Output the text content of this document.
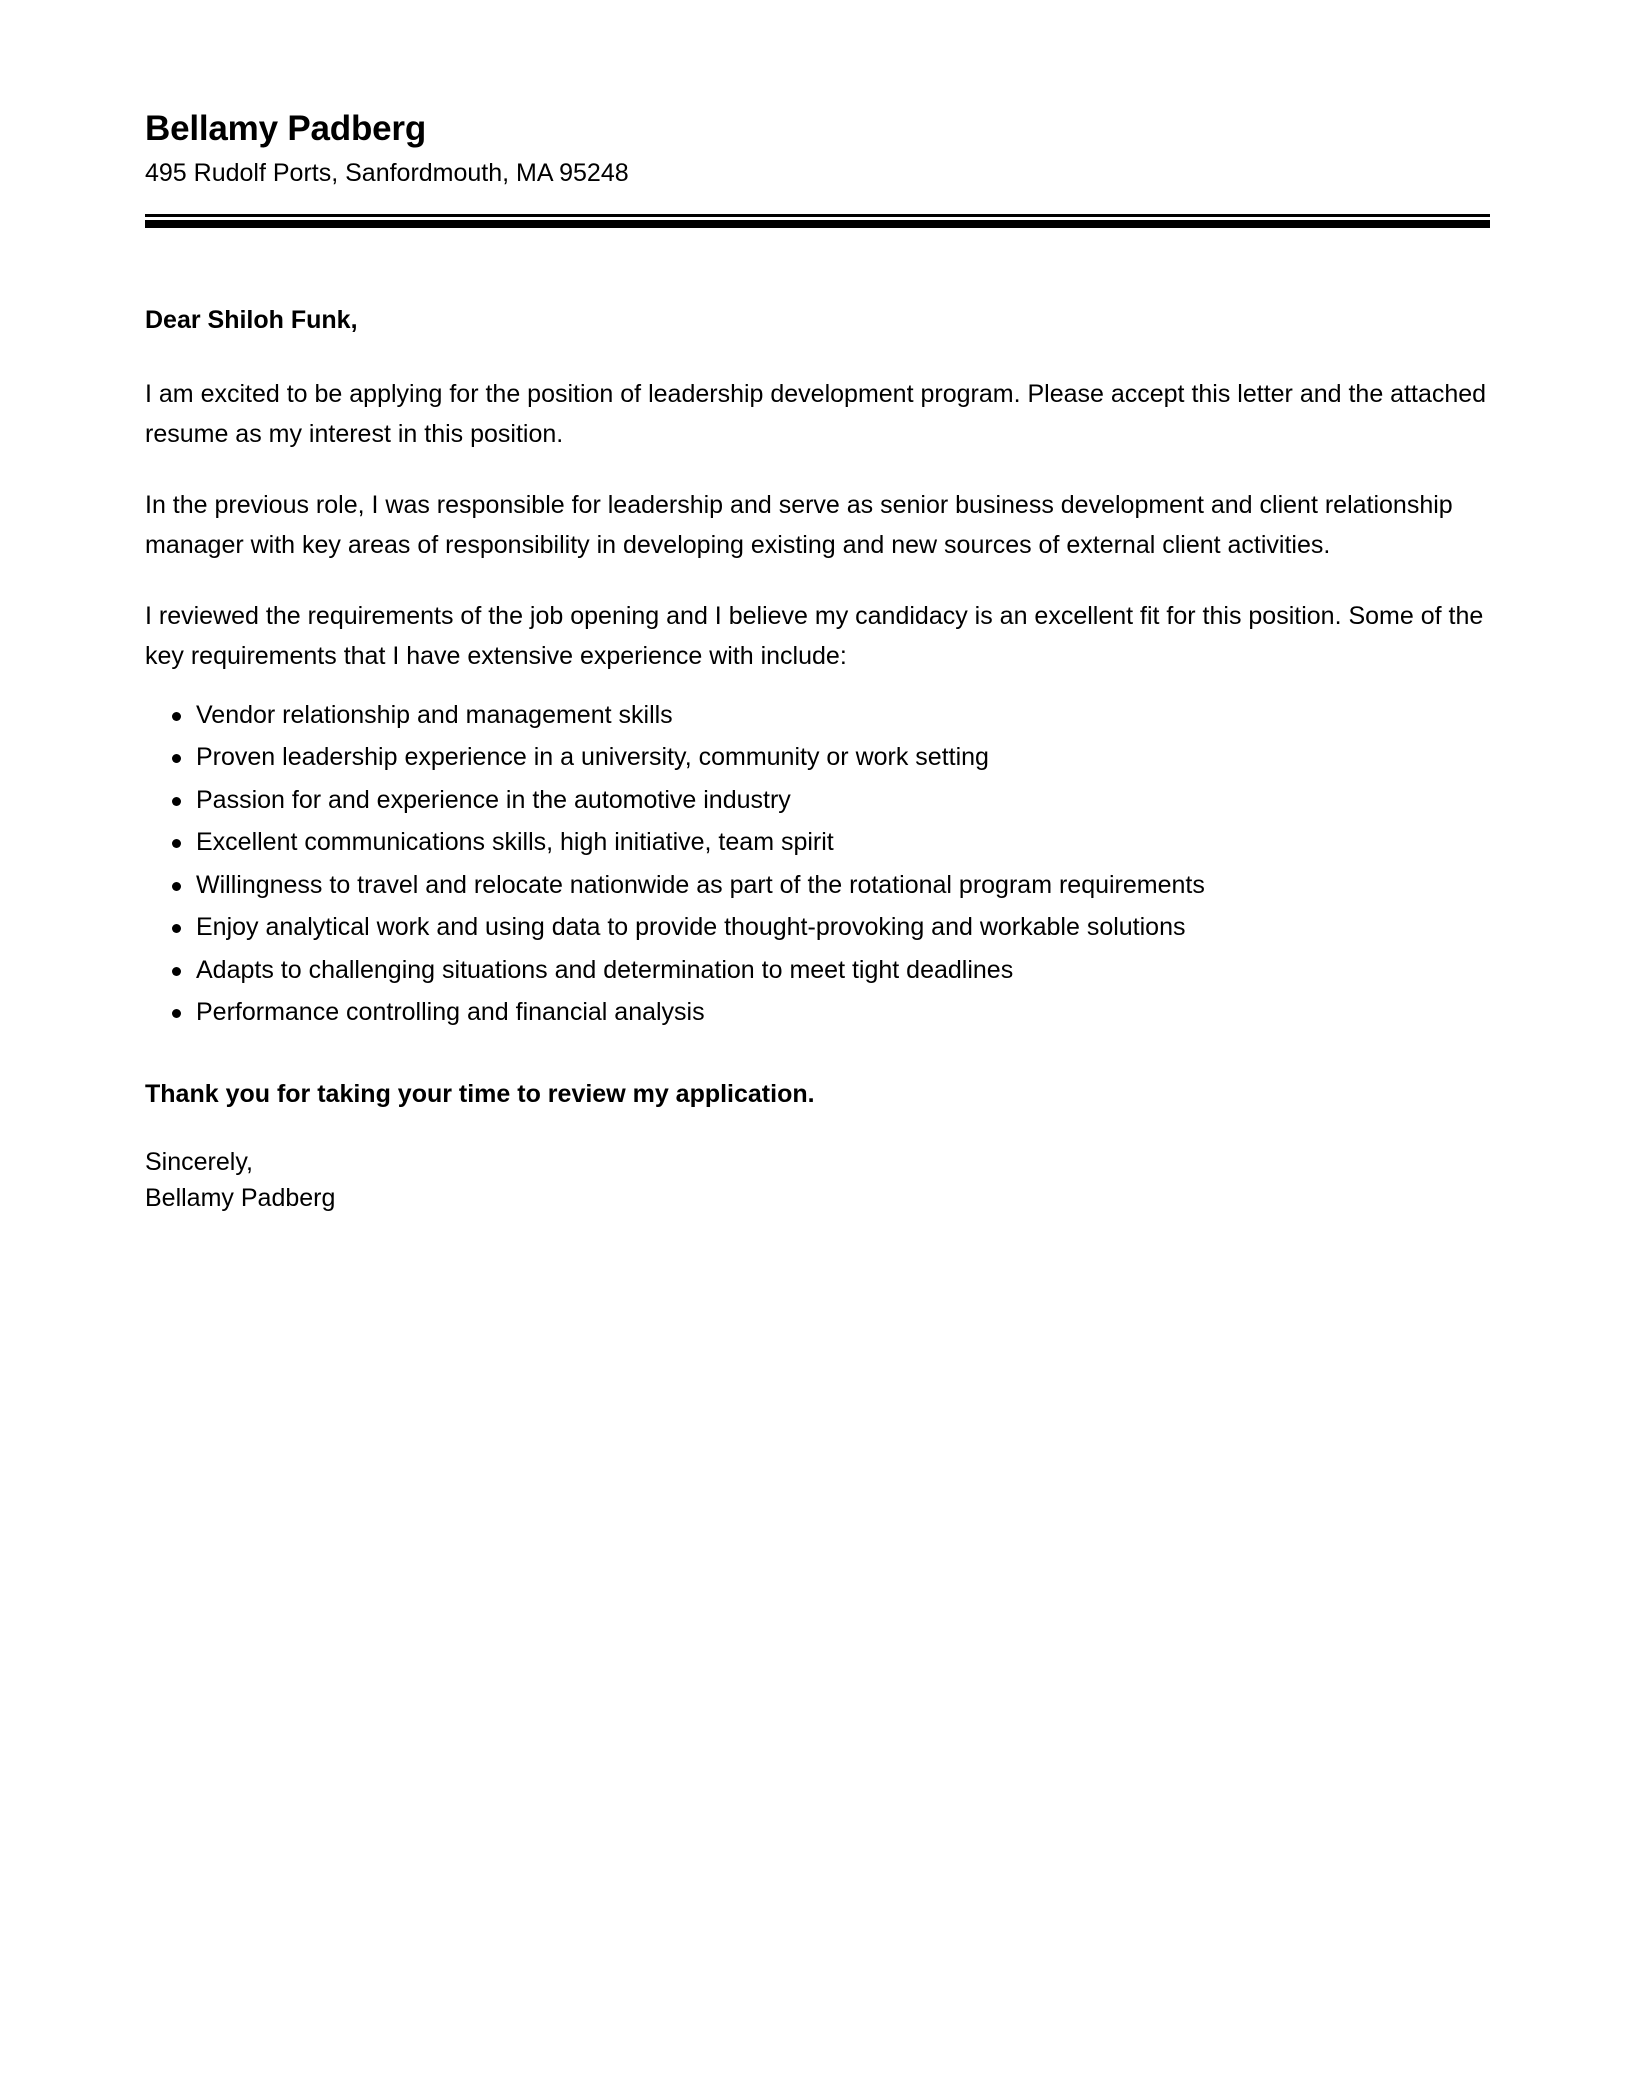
Bellamy Padberg

495 Rudolf Ports, Sanfordmouth, MA 95248

Dear Shiloh Funk,

I am excited to be applying for the position of leadership development program. Please accept this letter and the attached resume as my interest in this position.

In the previous role, I was responsible for leadership and serve as senior business development and client relationship manager with key areas of responsibility in developing existing and new sources of external client activities.

I reviewed the requirements of the job opening and I believe my candidacy is an excellent fit for this position. Some of the key requirements that I have extensive experience with include:

Vendor relationship and management skills
Proven leadership experience in a university, community or work setting
Passion for and experience in the automotive industry
Excellent communications skills, high initiative, team spirit
Willingness to travel and relocate nationwide as part of the rotational program requirements
Enjoy analytical work and using data to provide thought-provoking and workable solutions
Adapts to challenging situations and determination to meet tight deadlines
Performance controlling and financial analysis

Thank you for taking your time to review my application.

Sincerely,

Bellamy Padberg
